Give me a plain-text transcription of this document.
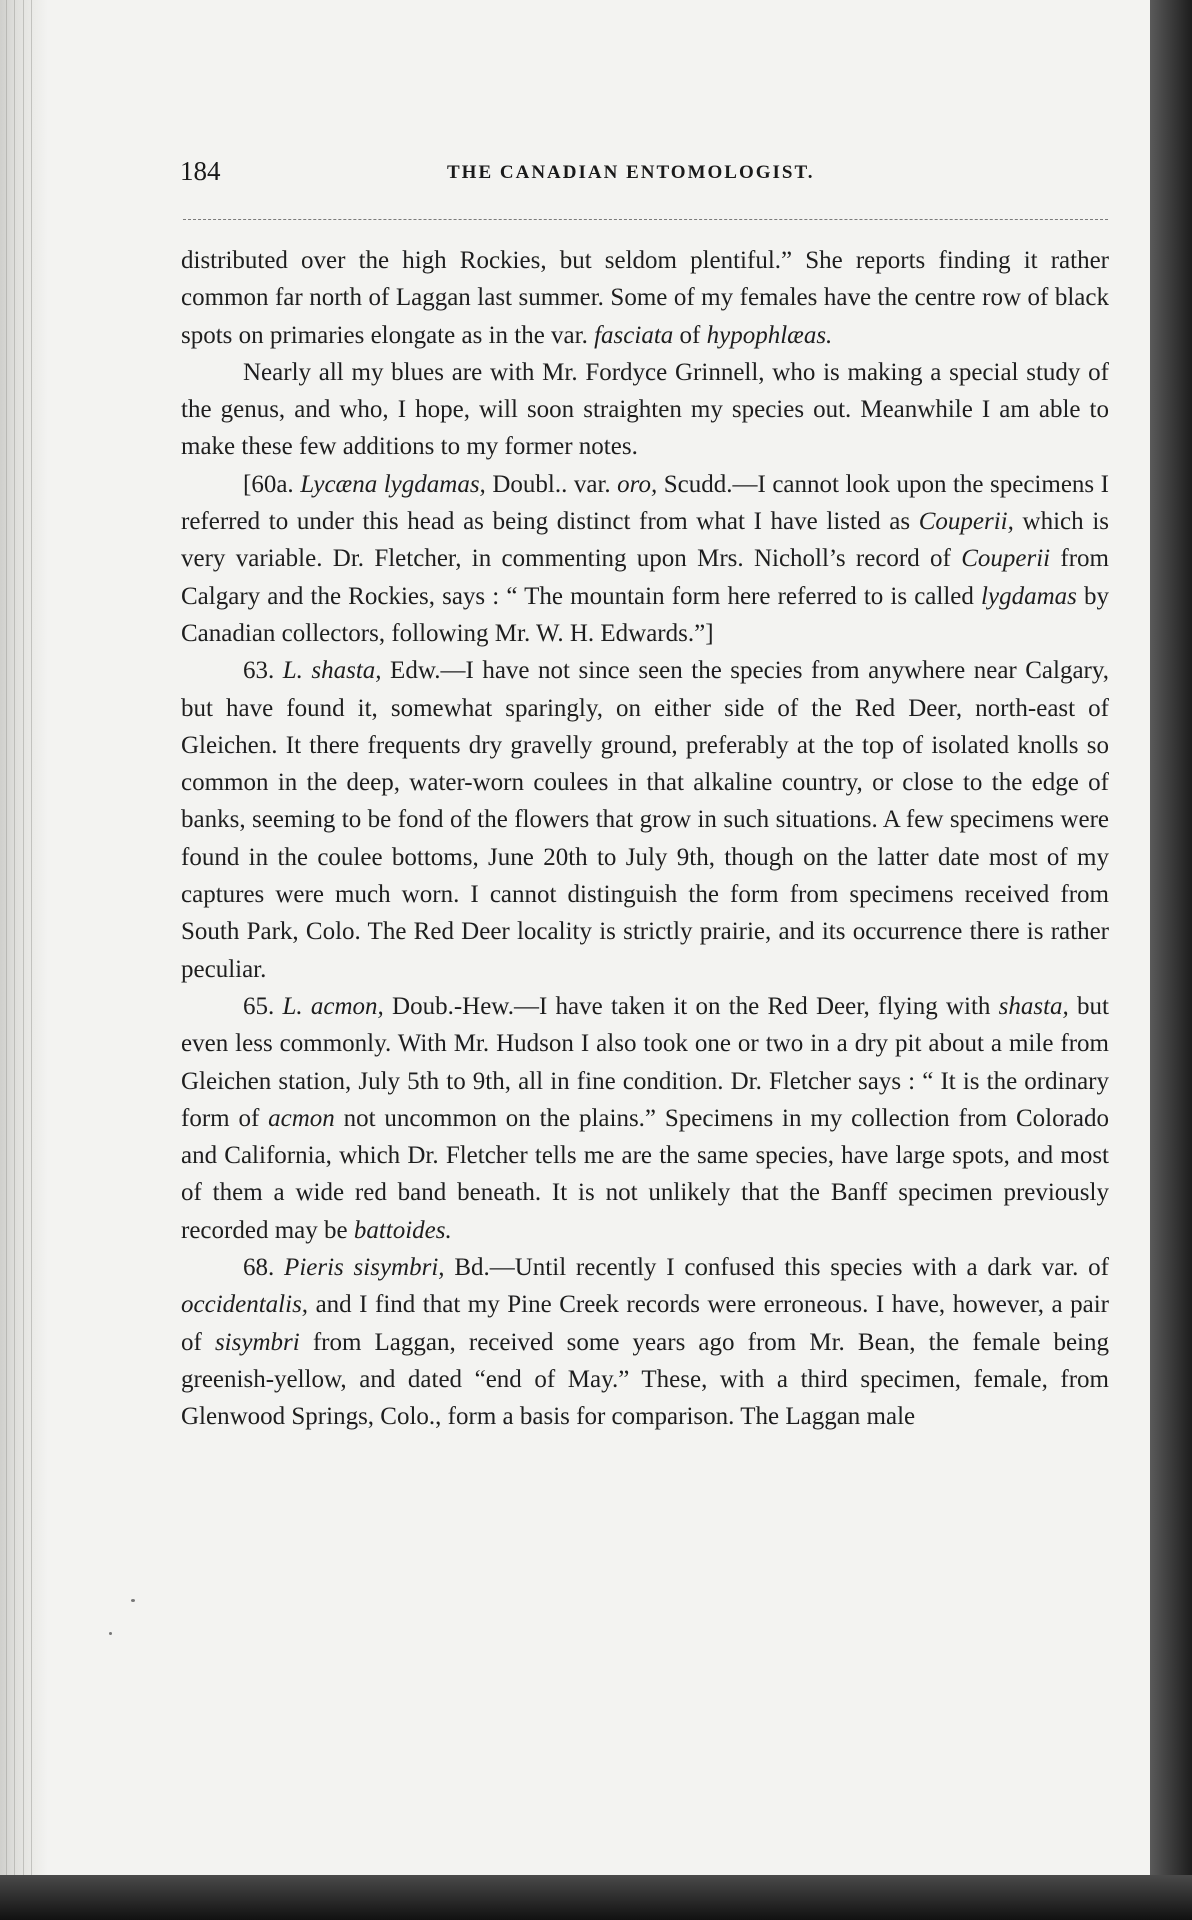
184	THE CANADIAN ENTOMOLOGIST.

distributed over the high Rockies, but seldom plentiful.” She reports finding it rather common far north of Laggan last summer. Some of my females have the centre row of black spots on primaries elongate as in the var. fasciata of hypophlæas.

Nearly all my blues are with Mr. Fordyce Grinnell, who is making a special study of the genus, and who, I hope, will soon straighten my species out. Meanwhile I am able to make these few additions to my former notes.

[60a. Lycæna lygdamas, Doubl.. var. oro, Scudd.—I cannot look upon the specimens I referred to under this head as being distinct from what I have listed as Couperii, which is very variable. Dr. Fletcher, in commenting upon Mrs. Nicholl’s record of Couperii from Calgary and the Rockies, says : “ The mountain form here referred to is called lygdamas by Canadian collectors, following Mr. W. H. Edwards.”]

63. L. shasta, Edw.—I have not since seen the species from anywhere near Calgary, but have found it, somewhat sparingly, on either side of the Red Deer, north-east of Gleichen. It there frequents dry gravelly ground, preferably at the top of isolated knolls so common in the deep, water-worn coulees in that alkaline country, or close to the edge of banks, seeming to be fond of the flowers that grow in such situations. A few specimens were found in the coulee bottoms, June 20th to July 9th, though on the latter date most of my captures were much worn. I cannot distinguish the form from specimens received from South Park, Colo. The Red Deer locality is strictly prairie, and its occurrence there is rather peculiar.

65. L. acmon, Doub.-Hew.—I have taken it on the Red Deer, flying with shasta, but even less commonly. With Mr. Hudson I also took one or two in a dry pit about a mile from Gleichen station, July 5th to 9th, all in fine condition. Dr. Fletcher says : “ It is the ordinary form of acmon not uncommon on the plains.” Specimens in my collection from Colorado and California, which Dr. Fletcher tells me are the same species, have large spots, and most of them a wide red band beneath. It is not unlikely that the Banff specimen previously recorded may be battoides.

68. Pieris sisymbri, Bd.—Until recently I confused this species with a dark var. of occidentalis, and I find that my Pine Creek records were erroneous. I have, however, a pair of sisymbri from Laggan, received some years ago from Mr. Bean, the female being greenish-yellow, and dated “end of May.” These, with a third specimen, female, from Glenwood Springs, Colo., form a basis for comparison. The Laggan male
